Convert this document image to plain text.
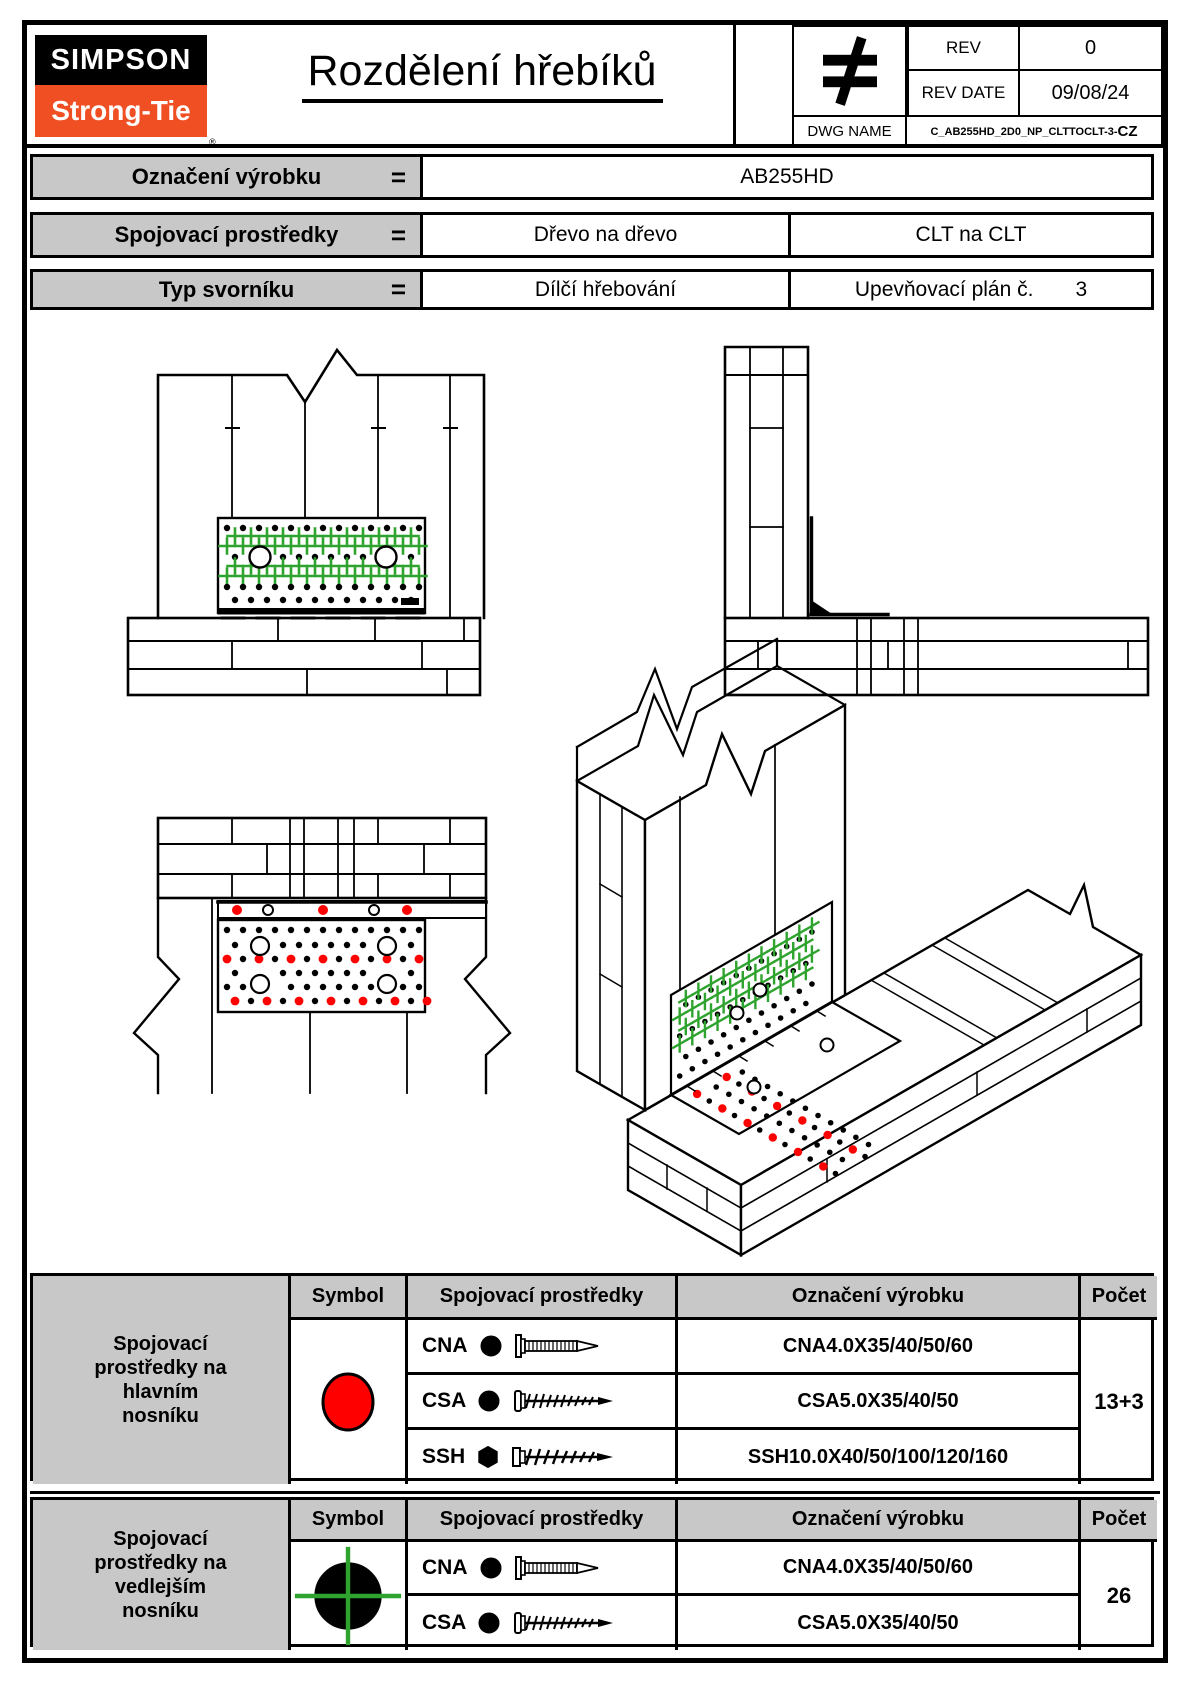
SIMPSON
Strong-Tie
®
Rozdělení hřebíků	REV	0
REV DATE	09/08/24
DWG NAME	C_AB255HD_2D0_NP_CLTTOCLT-3- CZ
Označení výrobku	=	AB255HD
Spojovací prostředky =	Dřevo na dřevo	CLT na CLT
Typ svorníku	=	Dílčí hřebování	Upevňovací plán č. 3
Spojovací prostředky na hlavním nosníku
Symbol	Spojovací prostředky	Označení výrobku	Počet
CNA	CNA4.0X35/40/50/60
CSA	CSA5.0X35/40/50
SSH	SSH10.0X40/50/100/120/160
13+3
Spojovací prostředky na vedlejším nosníku
Symbol	Spojovací prostředky	Označení výrobku	Počet
CNA	CNA4.0X35/40/50/60
CSA	CSA5.0X35/40/50
26
